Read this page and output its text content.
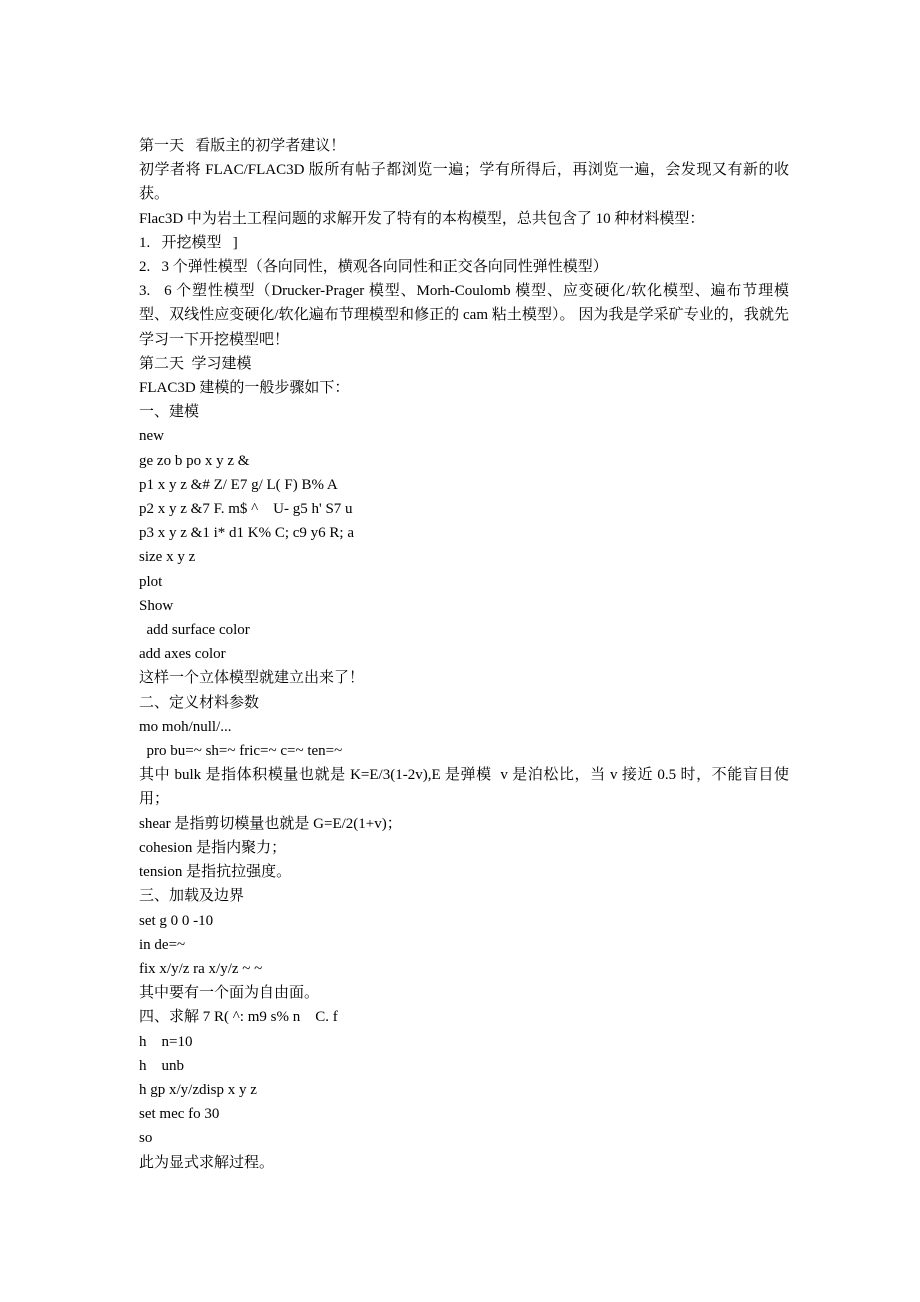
第一天   看版主的初学者建议！
初学者将 FLAC/FLAC3D 版所有帖子都浏览一遍；学有所得后，再浏览一遍，会发现又有新的收获。
Flac3D 中为岩土工程问题的求解开发了特有的本构模型，总共包含了 10 种材料模型：
1.   开挖模型   ]
2.   3 个弹性模型（各向同性，横观各向同性和正交各向同性弹性模型）
3.   6 个塑性模型（Drucker-Prager 模型、Morh-Coulomb 模型、应变硬化/软化模型、遍布节理模型、双线性应变硬化/软化遍布节理模型和修正的 cam 粘土模型）。 因为我是学采矿专业的，我就先学习一下开挖模型吧！
第二天  学习建模
FLAC3D 建模的一般步骤如下：
一、建模
new
ge zo b po x y z &
p1 x y z &# Z/ E7 g/ L( F) B% A
p2 x y z &7 F. m$ ^    U- g5 h' S7 u
p3 x y z &1 i* d1 K% C; c9 y6 R; a
size x y z
plot
Show
add surface color
add axes color
这样一个立体模型就建立出来了！
二、定义材料参数
mo moh/null/...
pro bu=~ sh=~ fric=~ c=~ ten=~
其中 bulk 是指体积模量也就是 K=E/3(1-2v),E 是弹模  v 是泊松比，当 v 接近 0.5 时，不能盲目使用；
shear 是指剪切模量也就是 G=E/2(1+v)；
cohesion 是指内聚力；
tension 是指抗拉强度。
三、加载及边界
set g 0 0 -10
in de=~
fix x/y/z ra x/y/z ~ ~
其中要有一个面为自由面。
四、求解 7 R( ^: m9 s% n    C. f
h    n=10
h    unb
h gp x/y/zdisp x y z
set mec fo 30
so
此为显式求解过程。
